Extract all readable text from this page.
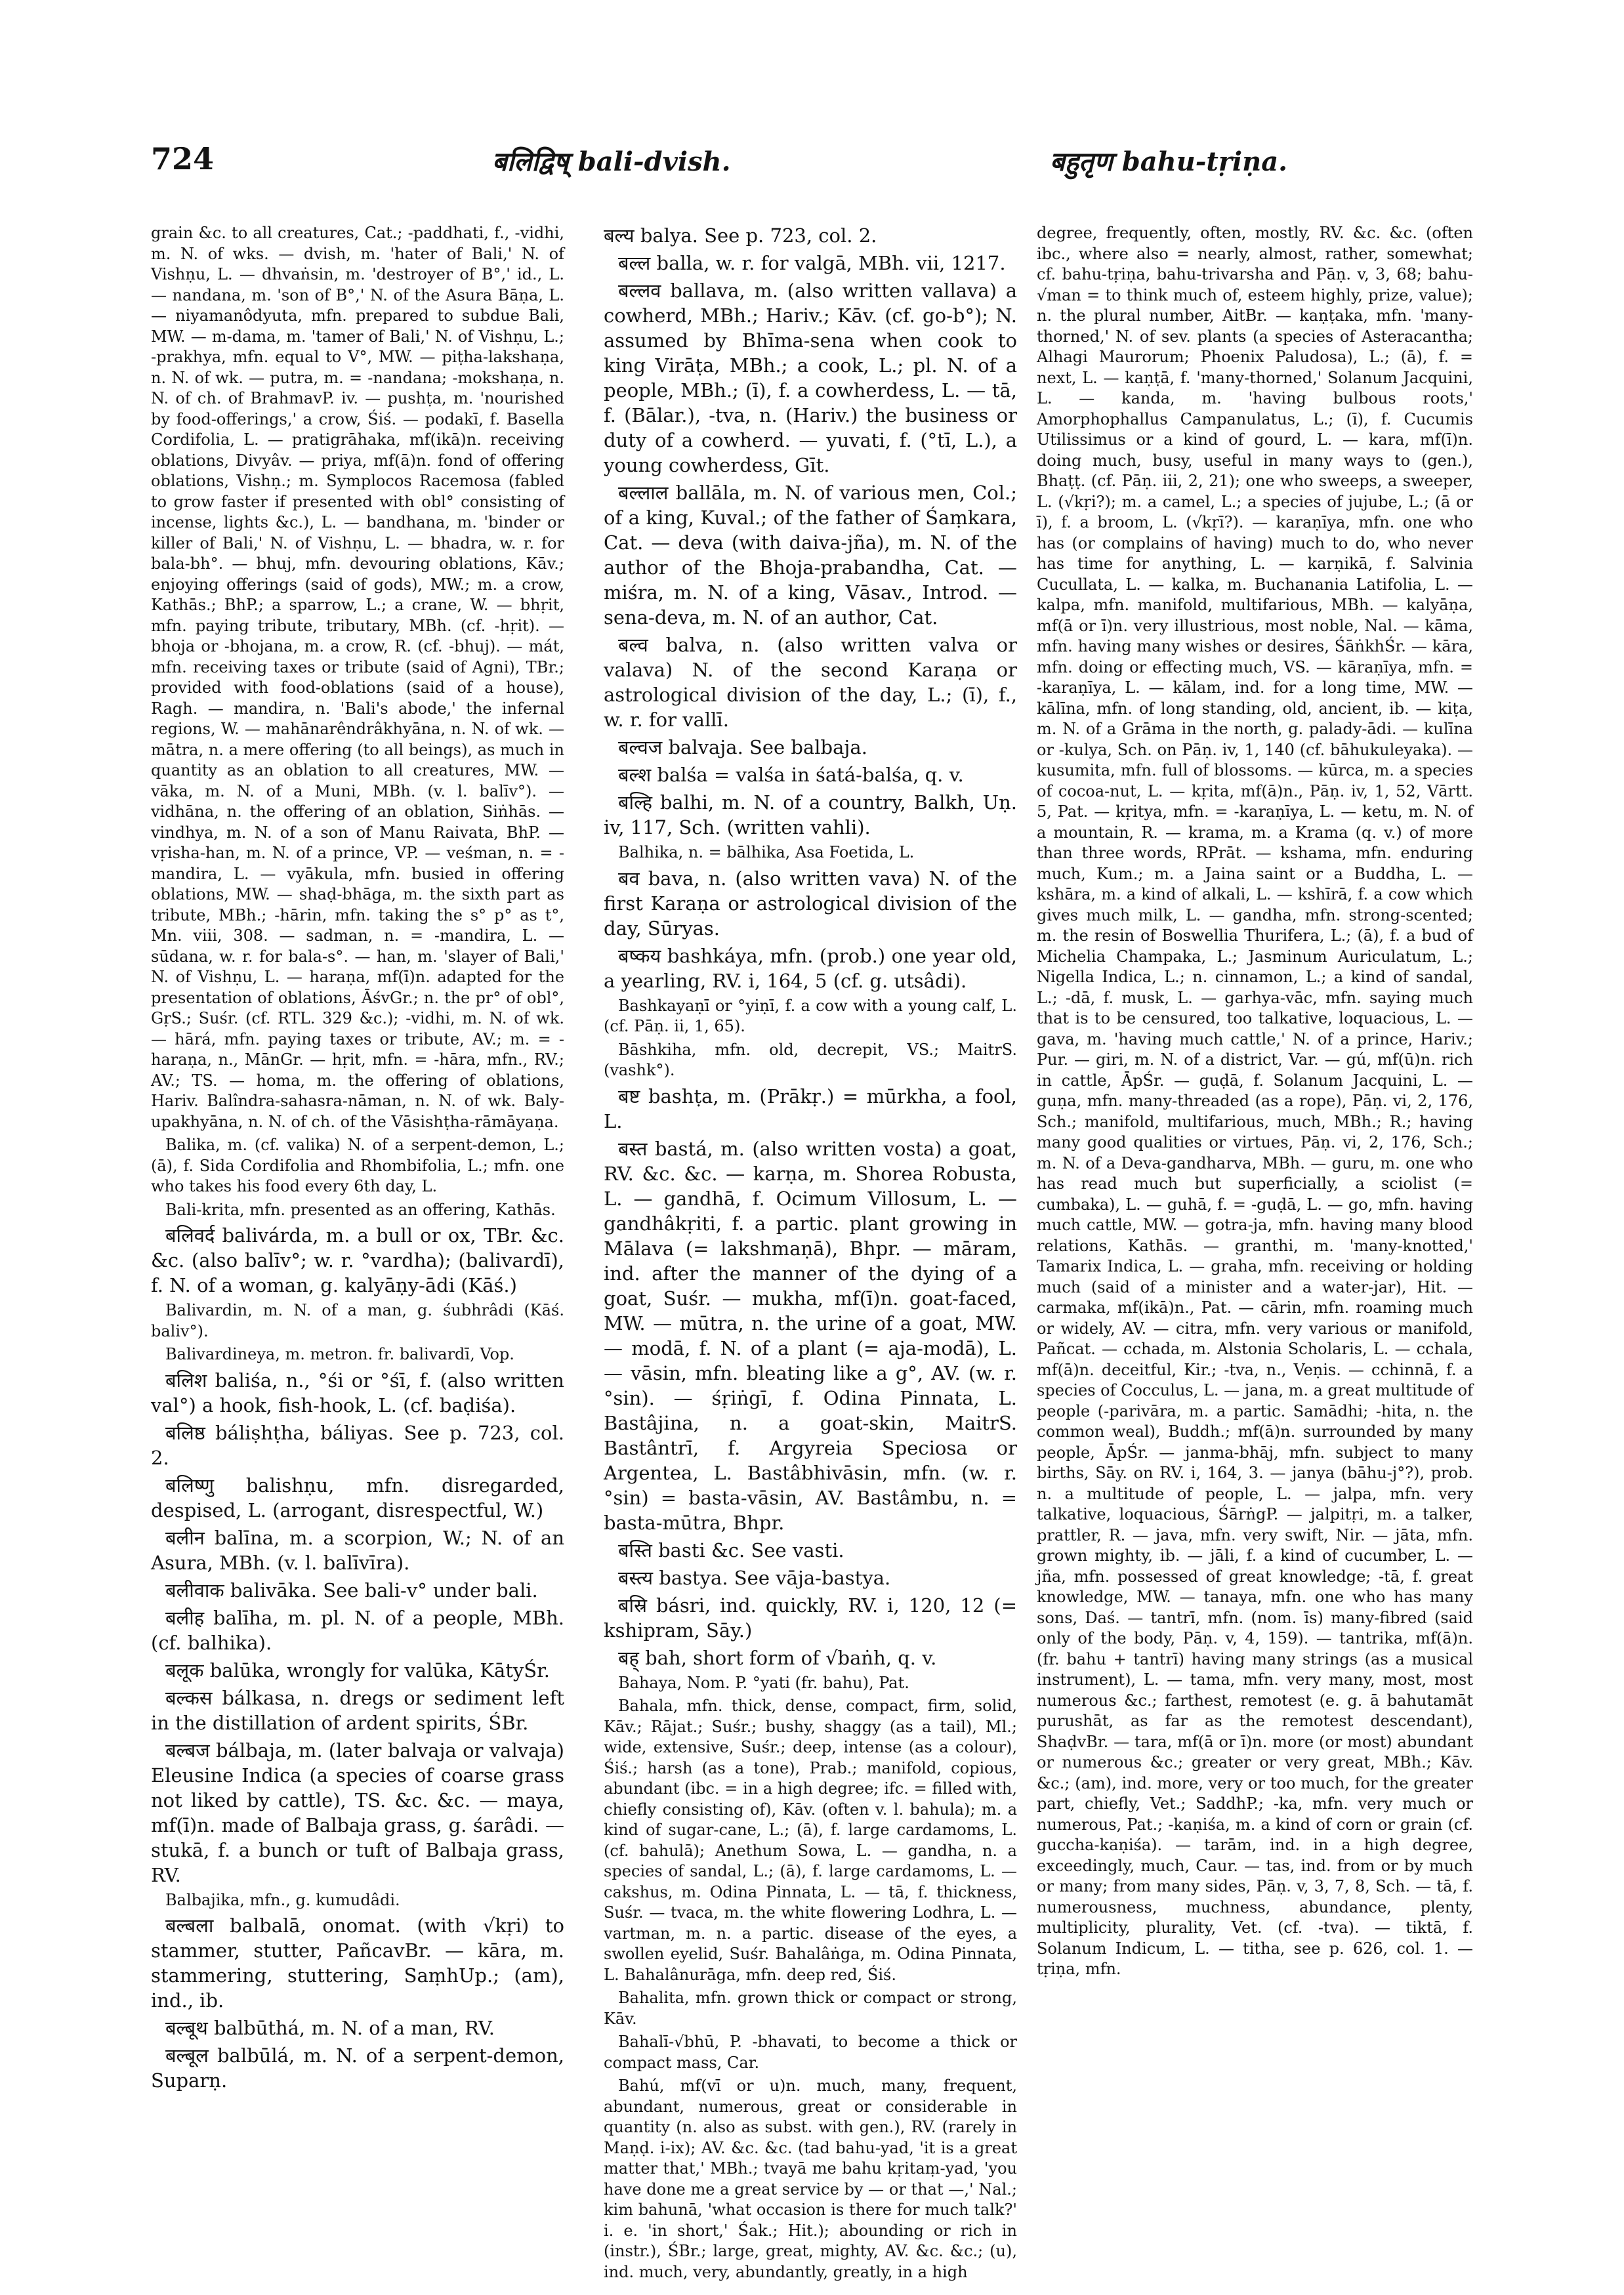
724	बलिद्विष् bali-dvish.	बहुतृण bahu-tṛiṇa.

grain &c. to all creatures, Cat.; -paddhati, f., -vidhi, m. N. of wks. — dvish, m. 'hater of Bali,' N. of Vishṇu, L. — dhvaṅsin, m. 'destroyer of B°,' id., L. — nandana, m. 'son of B°,' N. of the Asura Bāṇa, L. — niyamanôdyuta, mfn. prepared to subdue Bali, MW. — m-dama, m. 'tamer of Bali,' N. of Vishṇu, L.; -prakhya, mfn. equal to V°, MW. — piṭha-lakshaṇa, n. N. of wk. — putra, m. = -nandana; -mokshaṇa, n. N. of ch. of BrahmavP. iv. — pushṭa, m. 'nourished by food-offerings,' a crow, Śiś. — podakī, f. Basella Cordifolia, L. — pratigrāhaka, mf(ikā)n. receiving oblations, Divyâv. — priya, mf(ā)n. fond of offering oblations, Vishṇ.; m. Symplocos Racemosa (fabled to grow faster if presented with obl° consisting of incense, lights &c.), L. — bandhana, m. 'binder or killer of Bali,' N. of Vishṇu, L. — bhadra, w. r. for bala-bh°. — bhuj, mfn. devouring oblations, Kāv.; enjoying offerings (said of gods), MW.; m. a crow, Kathās.; BhP.; a sparrow, L.; a crane, W. — bhṛit, mfn. paying tribute, tributary, MBh. (cf. -hṛit). — bhoja or -bhojana, m. a crow, R. (cf. -bhuj). — mát, mfn. receiving taxes or tribute (said of Agni), TBr.; provided with food-oblations (said of a house), Ragh. — mandira, n. 'Bali's abode,' the infernal regions, W. — mahānarêndrâkhyāna, n. N. of wk. — mātra, n. a mere offering (to all beings), as much in quantity as an oblation to all creatures, MW. — vāka, m. N. of a Muni, MBh. (v. l. balīv°). — vidhāna, n. the offering of an oblation, Siṅhās. — vindhya, m. N. of a son of Manu Raivata, BhP. — vṛisha-han, m. N. of a prince, VP. — veśman, n. = -mandira, L. — vyākula, mfn. busied in offering oblations, MW. — shaḍ-bhāga, m. the sixth part as tribute, MBh.; -hārin, mfn. taking the s° p° as t°, Mn. viii, 308. — sadman, n. = -mandira, L. — sūdana, w. r. for bala-s°. — han, m. 'slayer of Bali,' N. of Vishṇu, L. — haraṇa, mf(ī)n. adapted for the presentation of oblations, ĀśvGr.; n. the pr° of obl°, GṛS.; Suśr. (cf. RTL. 329 &c.); -vidhi, m. N. of wk. — hārá, mfn. paying taxes or tribute, AV.; m. = -haraṇa, n., MānGr. — hṛit, mfn. = -hāra, mfn., RV.; AV.; TS. — homa, m. the offering of oblations, Hariv. Balîndra-sahasra-nāman, n. N. of wk. Baly-upakhyāna, n. N. of ch. of the Vāsishṭha-rāmāyaṇa.

Balika, m. (cf. valika) N. of a serpent-demon, L.; (ā), f. Sida Cordifolia and Rhombifolia, L.; mfn. one who takes his food every 6th day, L.

Bali-krita, mfn. presented as an offering, Kathās.

बलिवर्द balivárda, m. a bull or ox, TBr. &c. &c. (also balīv°; w. r. °vardha); (balivardī), f. N. of a woman, g. kalyāṇy-ādi (Kāś.)

Balivardin, m. N. of a man, g. śubhrâdi (Kāś. baliv°).

Balivardineya, m. metron. fr. balivardī, Vop.

बलिश baliśa, n., °śi or °śī, f. (also written val°) a hook, fish-hook, L. (cf. baḍiśa).

बलिष्ठ báliṣhṭha, báliyas. See p. 723, col. 2.

बलिष्णु balishṇu, mfn. disregarded, despised, L. (arrogant, disrespectful, W.)

बलीन balīna, m. a scorpion, W.; N. of an Asura, MBh. (v. l. balīvīra).

बलीवाक balivāka. See bali-v° under bali.

बलीह balīha, m. pl. N. of a people, MBh. (cf. balhika).

बलूक balūka, wrongly for valūka, KātyŚr.

बल्कस bálkasa, n. dregs or sediment left in the distillation of ardent spirits, ŚBr.

बल्बज bálbaja, m. (later balvaja or valvaja) Eleusine Indica (a species of coarse grass not liked by cattle), TS. &c. &c. — maya, mf(ī)n. made of Balbaja grass, g. śarâdi. — stukā, f. a bunch or tuft of Balbaja grass, RV.

Balbajika, mfn., g. kumudâdi.

बल्बला balbalā, onomat. (with √kṛi) to stammer, stutter, PañcavBr. — kāra, m. stammering, stuttering, SaṃhUp.; (am), ind., ib.

बल्बूथ balbūthá, m. N. of a man, RV.

बल्बूल balbūlá, m. N. of a serpent-demon, Suparṇ.

बल्य balya. See p. 723, col. 2.

बल्ल balla, w. r. for valgā, MBh. vii, 1217.

बल्लव ballava, m. (also written vallava) a cowherd, MBh.; Hariv.; Kāv. (cf. go-b°); N. assumed by Bhīma-sena when cook to king Virāṭa, MBh.; a cook, L.; pl. N. of a people, MBh.; (ī), f. a cowherdess, L. — tā, f. (Bālar.), -tva, n. (Hariv.) the business or duty of a cowherd. — yuvati, f. (°tī, L.), a young cowherdess, Gīt.

बल्लाल ballāla, m. N. of various men, Col.; of a king, Kuval.; of the father of Śaṃkara, Cat. — deva (with daiva-jña), m. N. of the author of the Bhoja-prabandha, Cat. — miśra, m. N. of a king, Vāsav., Introd. — sena-deva, m. N. of an author, Cat.

बल्व balva, n. (also written valva or valava) N. of the second Karaṇa or astrological division of the day, L.; (ī), f., w. r. for vallī.

बल्वज balvaja. See balbaja.

बल्श balśa = valśa in śatá-balśa, q. v.

बल्हि balhi, m. N. of a country, Balkh, Uṇ. iv, 117, Sch. (written vahli).

Balhika, n. = bālhika, Asa Foetida, L.

बव bava, n. (also written vava) N. of the first Karaṇa or astrological division of the day, Sūryas.

बष्कय bashkáya, mfn. (prob.) one year old, a yearling, RV. i, 164, 5 (cf. g. utsâdi).

Bashkayaṇī or °yiṇī, f. a cow with a young calf, L. (cf. Pāṇ. ii, 1, 65).

Bāshkiha, mfn. old, decrepit, VS.; MaitrS. (vashk°).

बष्ट bashṭa, m. (Prākṛ.) = mūrkha, a fool, L.

बस्त bastá, m. (also written vosta) a goat, RV. &c. &c. — karṇa, m. Shorea Robusta, L. — gandhā, f. Ocimum Villosum, L. — gandhâkṛiti, f. a partic. plant growing in Mālava (= lakshmaṇā), Bhpr. — māram, ind. after the manner of the dying of a goat, Suśr. — mukha, mf(ī)n. goat-faced, MW. — mūtra, n. the urine of a goat, MW. — modā, f. N. of a plant (= aja-modā), L. — vāsin, mfn. bleating like a g°, AV. (w. r. °sin). — śṛiṅgī, f. Odina Pinnata, L. Bastâjina, n. a goat-skin, MaitrS. Bastântrī, f. Argyreia Speciosa or Argentea, L. Bastâbhivāsin, mfn. (w. r. °sin) = basta-vāsin, AV. Bastâmbu, n. = basta-mūtra, Bhpr.

बस्ति basti &c. See vasti.

बस्त्य bastya. See vāja-bastya.

बस्रि básri, ind. quickly, RV. i, 120, 12 (= kshipram, Sāy.)

बह् bah, short form of √baṅh, q. v.

Bahaya, Nom. P. °yati (fr. bahu), Pat.

Bahala, mfn. thick, dense, compact, firm, solid, Kāv.; Rājat.; Suśr.; bushy, shaggy (as a tail), Ml.; wide, extensive, Suśr.; deep, intense (as a colour), Śiś.; harsh (as a tone), Prab.; manifold, copious, abundant (ibc. = in a high degree; ifc. = filled with, chiefly consisting of), Kāv. (often v. l. bahula); m. a kind of sugar-cane, L.; (ā), f. large cardamoms, L. (cf. bahulā); Anethum Sowa, L. — gandha, n. a species of sandal, L.; (ā), f. large cardamoms, L. — cakshus, m. Odina Pinnata, L. — tā, f. thickness, Suśr. — tvaca, m. the white flowering Lodhra, L. — vartman, m. n. a partic. disease of the eyes, a swollen eyelid, Suśr. Bahalâṅga, m. Odina Pinnata, L. Bahalânurāga, mfn. deep red, Śiś.

Bahalita, mfn. grown thick or compact or strong, Kāv.

Bahalī-√bhū, P. -bhavati, to become a thick or compact mass, Car.

Bahú, mf(vī or u)n. much, many, frequent, abundant, numerous, great or considerable in quantity (n. also as subst. with gen.), RV. (rarely in Maṇḍ. i-ix); AV. &c. &c. (tad bahu-yad, 'it is a great matter that,' MBh.; tvayā me bahu kṛitaṃ-yad, 'you have done me a great service by — or that —,' Nal.; kim bahunā, 'what occasion is there for much talk?' i. e. 'in short,' Śak.; Hit.); abounding or rich in (instr.), ŚBr.; large, great, mighty, AV. &c. &c.; (u), ind. much, very, abundantly, greatly, in a high

degree, frequently, often, mostly, RV. &c. &c. (often ibc., where also = nearly, almost, rather, somewhat; cf. bahu-tṛiṇa, bahu-trivarsha and Pāṇ. v, 3, 68; bahu-√man = to think much of, esteem highly, prize, value); n. the plural number, AitBr. — kaṇṭaka, mfn. 'many-thorned,' N. of sev. plants (a species of Asteracantha; Alhagi Maurorum; Phoenix Paludosa), L.; (ā), f. = next, L. — kaṇṭā, f. 'many-thorned,' Solanum Jacquini, L. — kanda, m. 'having bulbous roots,' Amorphophallus Campanulatus, L.; (ī), f. Cucumis Utilissimus or a kind of gourd, L. — kara, mf(ī)n. doing much, busy, useful in many ways to (gen.), Bhaṭṭ. (cf. Pāṇ. iii, 2, 21); one who sweeps, a sweeper, L. (√kṛi?); m. a camel, L.; a species of jujube, L.; (ā or ī), f. a broom, L. (√kṛī?). — karaṇīya, mfn. one who has (or complains of having) much to do, who never has time for anything, L. — karṇikā, f. Salvinia Cucullata, L. — kalka, m. Buchanania Latifolia, L. — kalpa, mfn. manifold, multifarious, MBh. — kalyāṇa, mf(ā or ī)n. very illustrious, most noble, Nal. — kāma, mfn. having many wishes or desires, ŚāṅkhŚr. — kāra, mfn. doing or effecting much, VS. — kāraṇīya, mfn. = -karaṇīya, L. — kālam, ind. for a long time, MW. — kālīna, mfn. of long standing, old, ancient, ib. — kiṭa, m. N. of a Grāma in the north, g. palady-ādi. — kulīna or -kulya, Sch. on Pāṇ. iv, 1, 140 (cf. bāhukuleyaka). — kusumita, mfn. full of blossoms. — kūrca, m. a species of cocoa-nut, L. — kṛita, mf(ā)n., Pāṇ. iv, 1, 52, Vārtt. 5, Pat. — kṛitya, mfn. = -karaṇīya, L. — ketu, m. N. of a mountain, R. — krama, m. a Krama (q. v.) of more than three words, RPrāt. — kshama, mfn. enduring much, Kum.; m. a Jaina saint or a Buddha, L. — kshāra, m. a kind of alkali, L. — kshīrā, f. a cow which gives much milk, L. — gandha, mfn. strong-scented; m. the resin of Boswellia Thurifera, L.; (ā), f. a bud of Michelia Champaka, L.; Jasminum Auriculatum, L.; Nigella Indica, L.; n. cinnamon, L.; a kind of sandal, L.; -dā, f. musk, L. — garhya-vāc, mfn. saying much that is to be censured, too talkative, loquacious, L. — gava, m. 'having much cattle,' N. of a prince, Hariv.; Pur. — giri, m. N. of a district, Var. — gú, mf(ū)n. rich in cattle, ĀpŚr. — guḍā, f. Solanum Jacquini, L. — guṇa, mfn. many-threaded (as a rope), Pāṇ. vi, 2, 176, Sch.; manifold, multifarious, much, MBh.; R.; having many good qualities or virtues, Pāṇ. vi, 2, 176, Sch.; m. N. of a Deva-gandharva, MBh. — guru, m. one who has read much but superficially, a sciolist (= cumbaka), L. — guhā, f. = -guḍā, L. — go, mfn. having much cattle, MW. — gotra-ja, mfn. having many blood relations, Kathās. — granthi, m. 'many-knotted,' Tamarix Indica, L. — graha, mfn. receiving or holding much (said of a minister and a water-jar), Hit. — carmaka, mf(ikā)n., Pat. — cārin, mfn. roaming much or widely, AV. — citra, mfn. very various or manifold, Pañcat. — cchada, m. Alstonia Scholaris, L. — cchala, mf(ā)n. deceitful, Kir.; -tva, n., Veṇis. — cchinnā, f. a species of Cocculus, L. — jana, m. a great multitude of people (-parivāra, m. a partic. Samādhi; -hita, n. the common weal), Buddh.; mf(ā)n. surrounded by many people, ĀpŚr. — janma-bhāj, mfn. subject to many births, Sāy. on RV. i, 164, 3. — janya (bāhu-j°?), prob. n. a multitude of people, L. — jalpa, mfn. very talkative, loquacious, ŚārṅgP. — jalpitṛi, m. a talker, prattler, R. — java, mfn. very swift, Nir. — jāta, mfn. grown mighty, ib. — jāli, f. a kind of cucumber, L. — jña, mfn. possessed of great knowledge; -tā, f. great knowledge, MW. — tanaya, mfn. one who has many sons, Daś. — tantrī, mfn. (nom. īs) many-fibred (said only of the body, Pāṇ. v, 4, 159). — tantrika, mf(ā)n. (fr. bahu + tantrī) having many strings (as a musical instrument), L. — tama, mfn. very many, most, most numerous &c.; farthest, remotest (e. g. ā bahutamāt purushāt, as far as the remotest descendant), ShaḍvBr. — tara, mf(ā or ī)n. more (or most) abundant or numerous &c.; greater or very great, MBh.; Kāv. &c.; (am), ind. more, very or too much, for the greater part, chiefly, Vet.; SaddhP.; -ka, mfn. very much or numerous, Pat.; -kaṇiśa, m. a kind of corn or grain (cf. guccha-kaṇiśa). — tarām, ind. in a high degree, exceedingly, much, Caur. — tas, ind. from or by much or many; from many sides, Pāṇ. v, 3, 7, 8, Sch. — tā, f. numerousness, muchness, abundance, plenty, multiplicity, plurality, Vet. (cf. -tva). — tiktā, f. Solanum Indicum, L. — titha, see p. 626, col. 1. — tṛiṇa, mfn.
